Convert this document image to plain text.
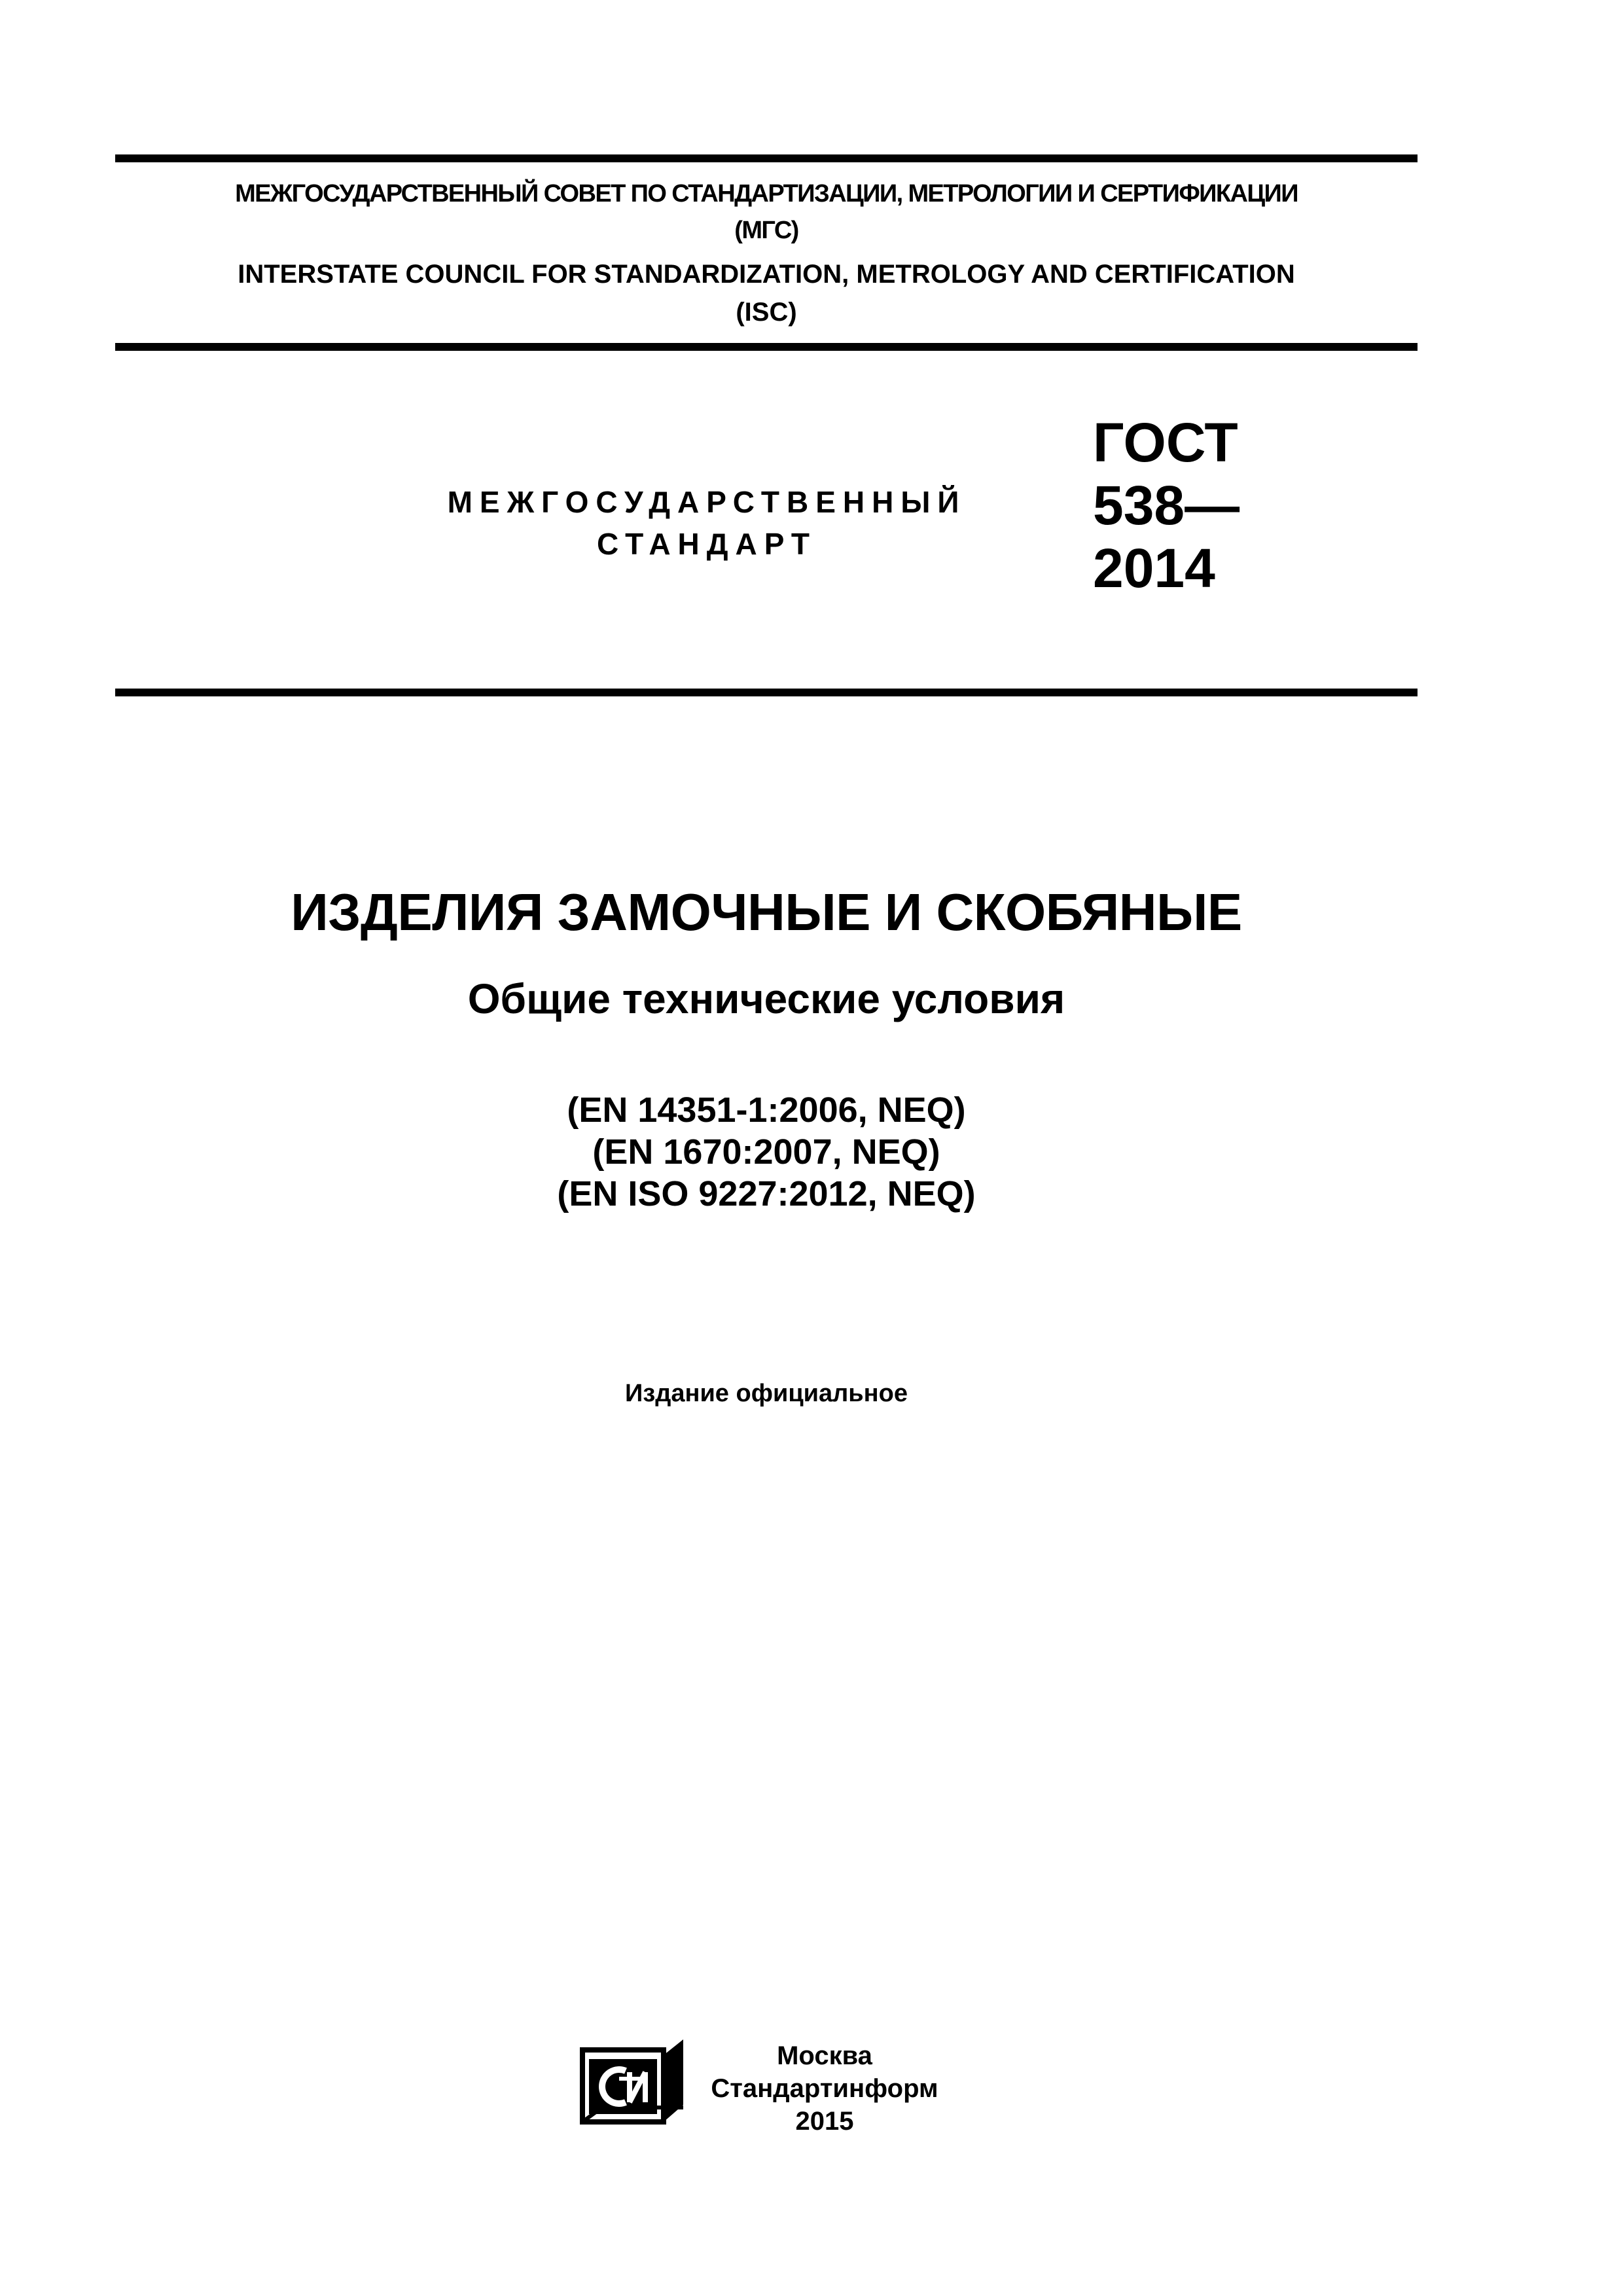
МЕЖГОСУДАРСТВЕННЫЙ СОВЕТ ПО СТАНДАРТИЗАЦИИ, МЕТРОЛОГИИ И СЕРТИФИКАЦИИ
(МГС)
INTERSTATE COUNCIL FOR STANDARDIZATION, METROLOGY AND CERTIFICATION
(ISC)
МЕЖГОСУДАРСТВЕННЫЙ
СТАНДАРТ
ГОСТ
538—
2014
ИЗДЕЛИЯ ЗАМОЧНЫЕ И СКОБЯНЫЕ
Общие технические условия
(EN 14351-1:2006, NEQ)
(EN 1670:2007, NEQ)
(EN ISO 9227:2012, NEQ)
Издание официальное
Москва
Стандартинформ
2015
